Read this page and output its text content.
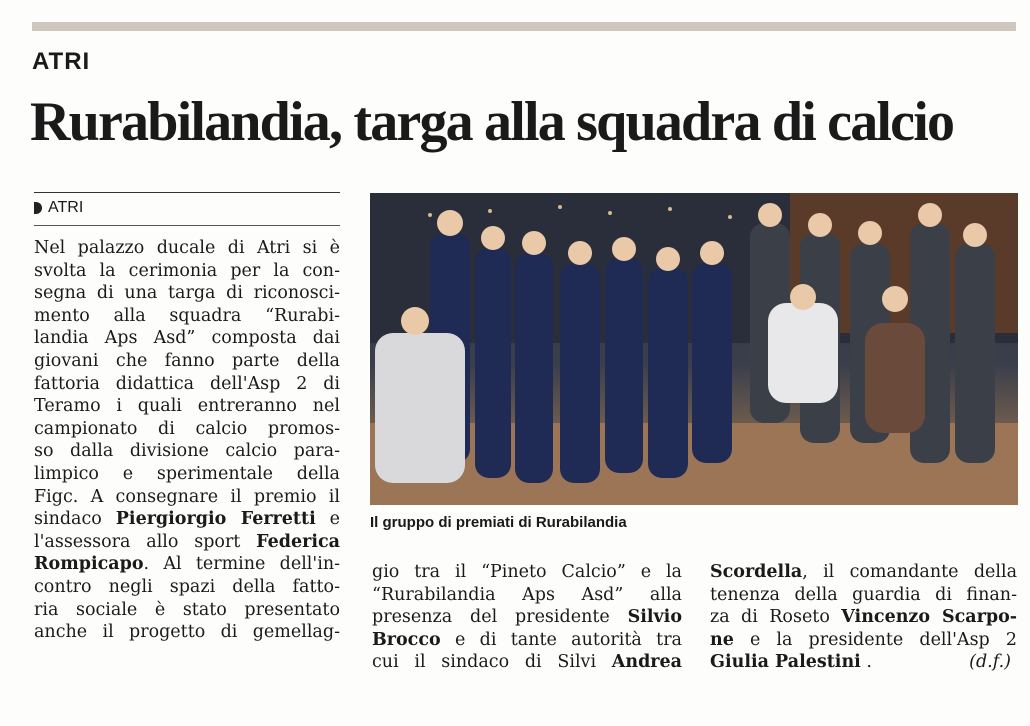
ATRI
Rurabilandia, targa alla squadra di calcio
ATRI

Nel palazzo ducale di Atri si è
svolta la cerimonia per la con-
segna di una targa di riconosci-
mento alla squadra “Rurabi-
landia Aps Asd” composta dai
giovani che fanno parte della
fattoria didattica dell'Asp 2 di
Teramo i quali entreranno nel
campionato di calcio promos-
so dalla divisione calcio para-
limpico e sperimentale della
Figc. A consegnare il premio il
sindaco Piergiorgio Ferretti e
l'assessora allo sport Federica
Rompicapo. Al termine dell'in-
contro negli spazi della fatto-
ria sociale è stato presentato
anche il progetto di gemellag-

Il gruppo di premiati di Rurabilandia

gio tra il “Pineto Calcio” e la
“Rurabilandia Aps Asd” alla
presenza del presidente Silvio
Brocco e di tante autorità tra
cui il sindaco di Silvi Andrea

Scordella, il comandante della
tenenza della guardia di finan-
za di Roseto Vincenzo Scarpo-
ne e la presidente dell'Asp 2
Giulia Palestini .	(d.f.)
